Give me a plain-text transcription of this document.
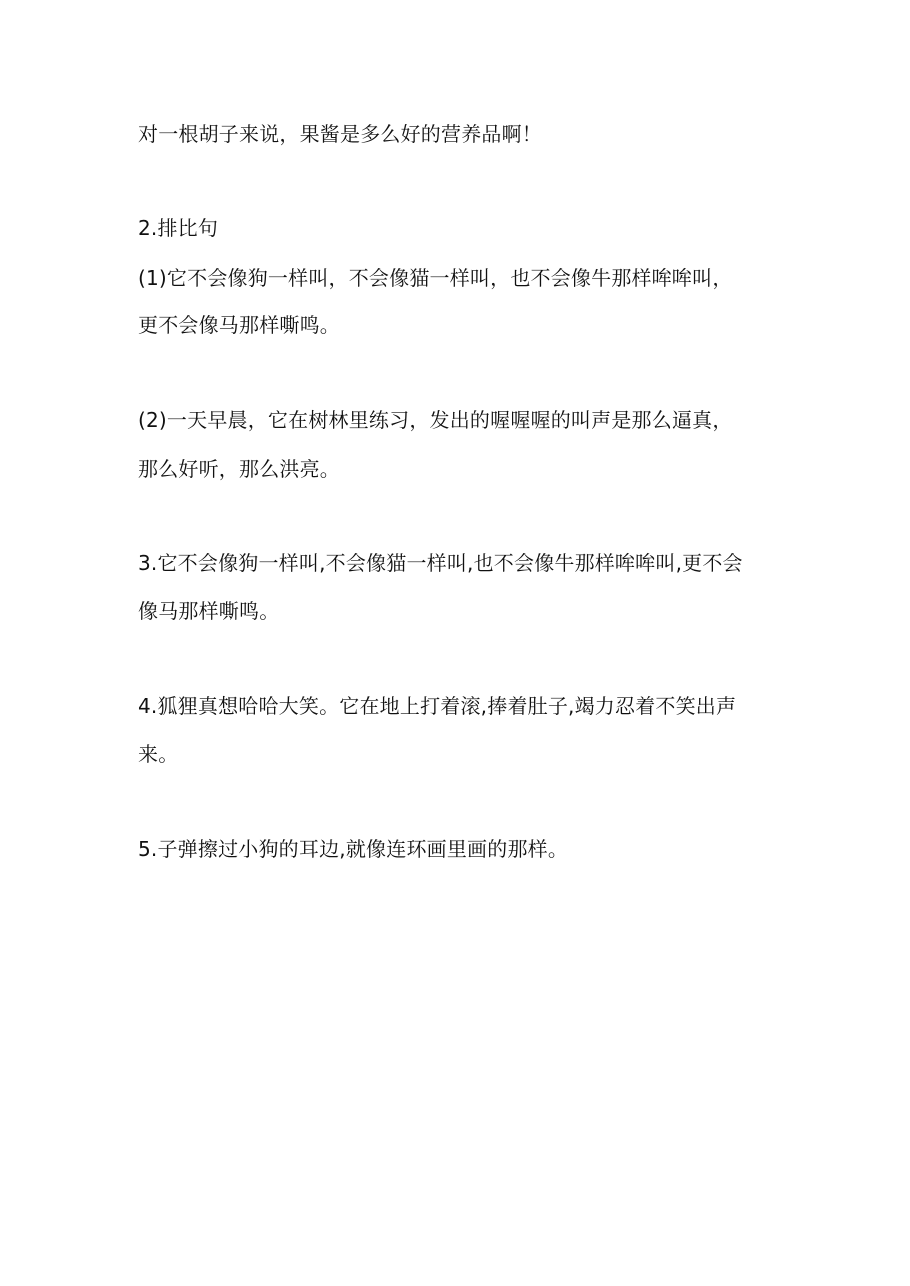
对一根胡子来说，果酱是多么好的营养品啊！
2.排比句
(1)它不会像狗一样叫，不会像猫一样叫，也不会像牛那样哞哞叫，
更不会像马那样嘶鸣。
(2)一天早晨，它在树林里练习，发出的喔喔喔的叫声是那么逼真，
那么好听，那么洪亮。
3.它不会像狗一样叫,不会像猫一样叫,也不会像牛那样哞哞叫,更不会
像马那样嘶鸣。
4.狐狸真想哈哈大笑。它在地上打着滚,捧着肚子,竭力忍着不笑出声
来。
5.子弹擦过小狗的耳边,就像连环画里画的那样。
